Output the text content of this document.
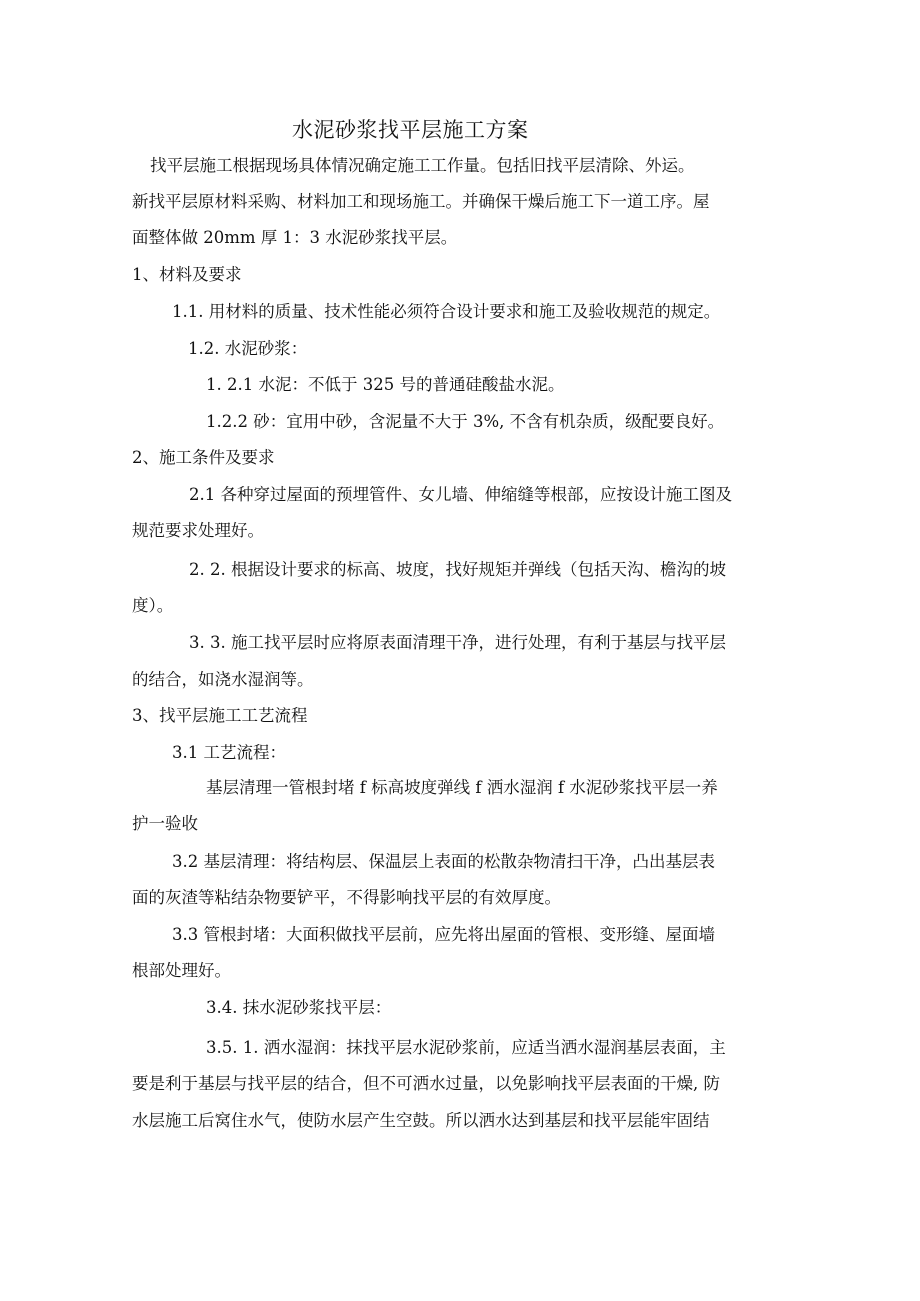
水泥砂浆找平层施工方案
找平层施工根据现场具体情况确定施工工作量。包括旧找平层清除、外运。
新找平层原材料采购、材料加工和现场施工。并确保干燥后施工下一道工序。屋
面整体做 20mm 厚 1：3 水泥砂浆找平层。
1、材料及要求
1.1. 用材料的质量、技术性能必须符合设计要求和施工及验收规范的规定。
1.2. 水泥砂浆：
1. 2.1 水泥：不低于 325 号的普通硅酸盐水泥。
1.2.2 砂：宜用中砂，含泥量不大于 3%, 不含有机杂质，级配要良好。
2、施工条件及要求
2.1 各种穿过屋面的预埋管件、女儿墙、伸缩缝等根部，应按设计施工图及
规范要求处理好。
2. 2. 根据设计要求的标高、坡度，找好规矩并弹线（包括天沟、檐沟的坡
度）。
3. 3. 施工找平层时应将原表面清理干净，进行处理，有利于基层与找平层
的结合，如浇水湿润等。
3、找平层施工工艺流程
3.1 工艺流程：
基层清理一管根封堵 f 标高坡度弹线 f 洒水湿润 f 水泥砂浆找平层一养
护一验收
3.2 基层清理：将结构层、保温层上表面的松散杂物清扫干净，凸出基层表
面的灰渣等粘结杂物要铲平，不得影响找平层的有效厚度。
3.3 管根封堵：大面积做找平层前，应先将出屋面的管根、变形缝、屋面墙
根部处理好。
3.4. 抹水泥砂浆找平层：
3.5. 1. 洒水湿润：抹找平层水泥砂浆前，应适当洒水湿润基层表面，主
要是利于基层与找平层的结合，但不可洒水过量，以免影响找平层表面的干燥, 防
水层施工后窝住水气，使防水层产生空鼓。所以洒水达到基层和找平层能牢固结
